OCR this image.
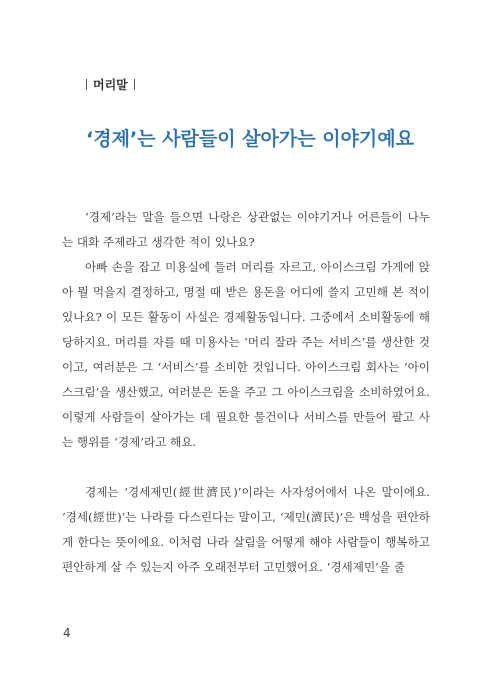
머리말
‘경제’는 사람들이 살아가는 이야기예요

‘경제’라는 말을 들으면 나랑은 상관없는 이야기거나 어른들이 나누는 대화 주제라고 생각한 적이 있나요?

아빠 손을 잡고 미용실에 들러 머리를 자르고, 아이스크림 가게에 앉아 뭘 먹을지 결정하고, 명절 때 받은 용돈을 어디에 쓸지 고민해 본 적이 있나요? 이 모든 활동이 사실은 경제활동입니다. 그중에서 소비활동에 해당하지요. 머리를 자를 때 미용사는 ‘머리 잘라 주는 서비스’를 생산한 것이고, 여러분은 그 ‘서비스’를 소비한 것입니다. 아이스크림 회사는 ‘아이스크림’을 생산했고, 여러분은 돈을 주고 그 아이스크림을 소비하였어요. 이렇게 사람들이 살아가는 데 필요한 물건이나 서비스를 만들어 팔고 사는 행위를 ‘경제’라고 해요.

경제는 ‘경세제민(經世濟民)’이라는 사자성어에서 나온 말이에요. ‘경세(經世)’는 나라를 다스린다는 말이고, ‘제민(濟民)’은 백성을 편안하게 한다는 뜻이에요. 이처럼 나라 살림을 어떻게 해야 사람들이 행복하고 편안하게 살 수 있는지 아주 오래전부터 고민했어요. ‘경세제민’을 줄

4
